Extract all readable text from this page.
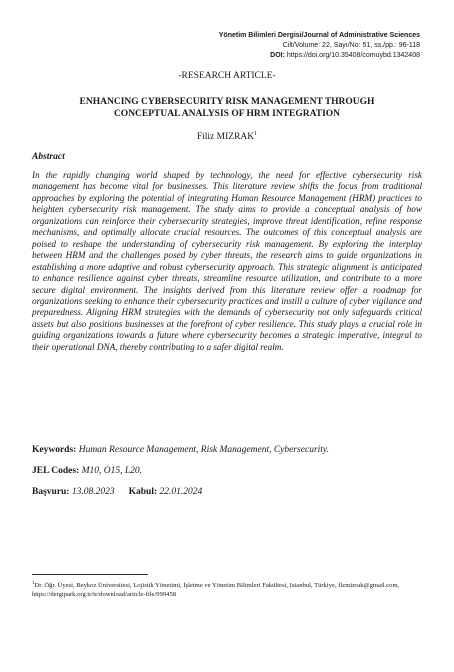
Yönetim Bilimleri Dergisi/Journal of Administrative Sciences
Cilt/Volume: 22, Sayı/No: 51, ss./pp.: 96-118
DOI: https://doi.org/10.35408/comuybd.1342408
-RESEARCH ARTICLE-
ENHANCING CYBERSECURITY RISK MANAGEMENT THROUGH
CONCEPTUAL ANALYSIS OF HRM INTEGRATION
Filiz MIZRAK$^1$
Abstract
In the rapidly changing world shaped by technology, the need for effective cybersecurity risk management has become vital for businesses. This literature review shifts the focus from traditional approaches by exploring the potential of integrating Human Resource Management (HRM) practices to heighten cybersecurity risk management. The study aims to provide a conceptual analysis of how organizations can reinforce their cybersecurity strategies, improve threat identification, refine response mechanisms, and optimally allocate crucial resources. The outcomes of this conceptual analysis are poised to reshape the understanding of cybersecurity risk management. By exploring the interplay between HRM and the challenges posed by cyber threats, the research aims to guide organizations in establishing a more adaptive and robust cybersecurity approach. This strategic alignment is anticipated to enhance resilience against cyber threats, streamline resource utilization, and contribute to a more secure digital environment. The insights derived from this literature review offer a roadmap for organizations seeking to enhance their cybersecurity practices and instill a culture of cyber vigilance and preparedness. Aligning HRM strategies with the demands of cybersecurity not only safeguards critical assets but also positions businesses at the forefront of cyber resilience. This study plays a crucial role in guiding organizations towards a future where cybersecurity becomes a strategic imperative, integral to their operational DNA, thereby contributing to a safer digital realm.
Keywords: Human Resource Management, Risk Management, Cybersecurity.
JEL Codes: M10, O15, L20.
Başvuru: 13.08.2023 Kabul: 22.01.2024
$^1$Dr. Öğr. Üyesi, Beykoz Üniversitesi, Lojistik Yönetimi, İşletme ve Yönetim Bilimleri Fakültesi, Istanbul, Türkiye, flzmizrak@gmail.com, https://dergipark.org.tr/tr/download/article-file/999458
